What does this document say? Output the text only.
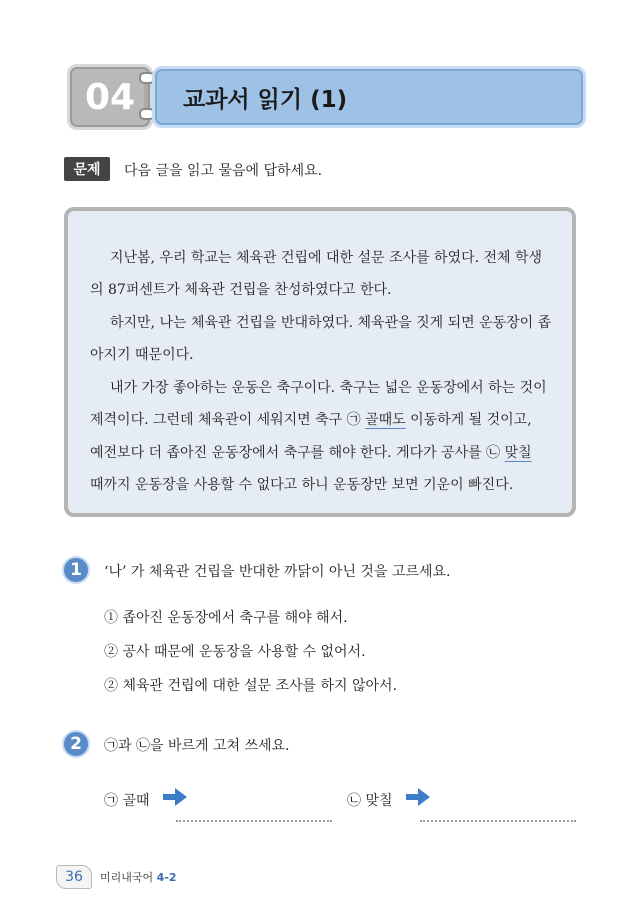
04	교과서 읽기 (1)
문제	다음 글을 읽고 물음에 답하세요.
지난봄, 우리 학교는 체육관 건립에 대한 설문 조사를 하였다. 전체 학생
의 87퍼센트가 체육관 건립을 찬성하였다고 한다.
하지만, 나는 체육관 건립을 반대하였다. 체육관을 짓게 되면 운동장이 좁
아지기 때문이다.
내가 가장 좋아하는 운동은 축구이다. 축구는 넓은 운동장에서 하는 것이
제격이다. 그런데 체육관이 세워지면 축구 ㉠ 골때도 이동하게 될 것이고,
예전보다 더 좁아진 운동장에서 축구를 해야 한다. 게다가 공사를 ㉡ 맞칠
때까지 운동장을 사용할 수 없다고 하니 운동장만 보면 기운이 빠진다.
1	‘나’ 가 체육관 건립을 반대한 까닭이 아닌 것을 고르세요.
① 좁아진 운동장에서 축구를 해야 해서.
② 공사 때문에 운동장을 사용할 수 없어서.
② 체육관 건립에 대한 설문 조사를 하지 않아서.
2	㉠과 ㉡을 바르게 고쳐 쓰세요.
㉠ 골때	㉡ 맞칠
36	미리내국어 4-2
